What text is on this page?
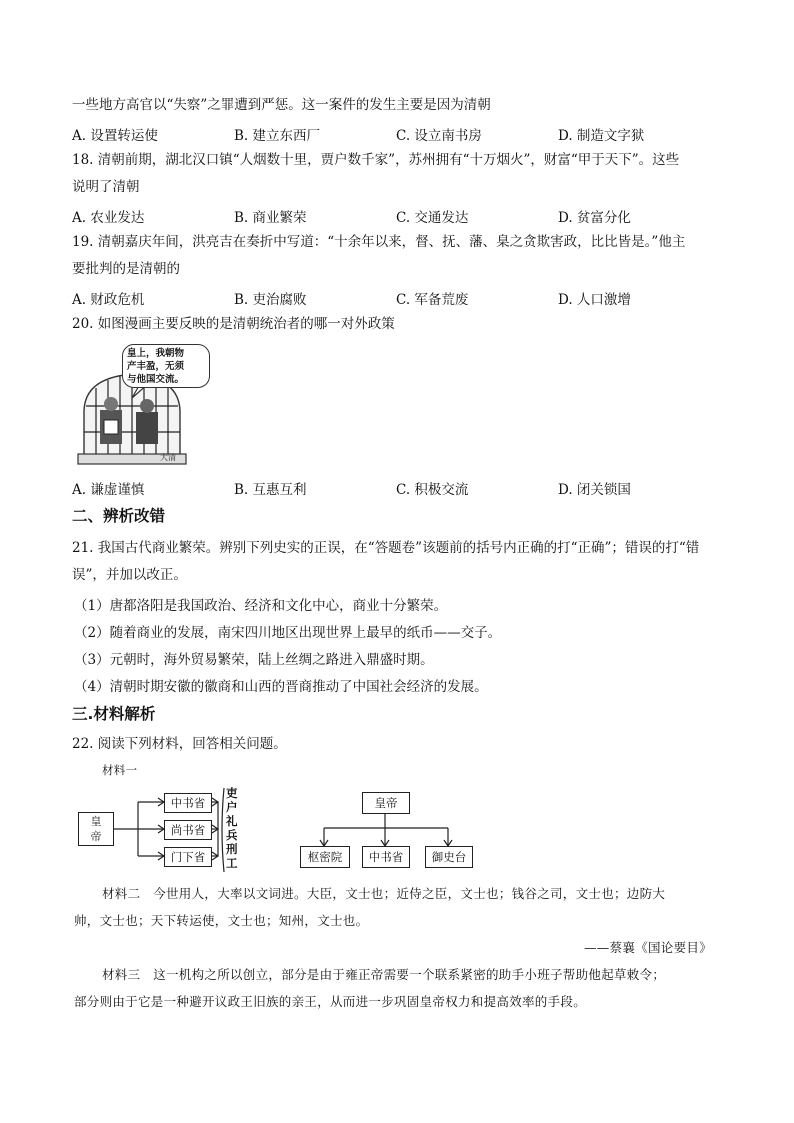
一些地方高官以“失察”之罪遭到严惩。这一案件的发生主要是因为清朝
A. 设置转运使	B. 建立东西厂	C. 设立南书房	D. 制造文字狱
18. 清朝前期，湖北汉口镇“人烟数十里，贾户数千家”，苏州拥有“十万烟火”，财富“甲于天下”。这些
说明了清朝
A. 农业发达	B. 商业繁荣	C. 交通发达	D. 贫富分化
19. 清朝嘉庆年间，洪亮吉在奏折中写道：“十余年以来，督、抚、藩、臬之贪欺害政，比比皆是。”他主
要批判的是清朝的
A. 财政危机	B. 吏治腐败	C. 军备荒废	D. 人口激增
20. 如图漫画主要反映的是清朝统治者的哪一对外政策
皇上，我朝物
产丰盈，无须
与他国交流。
大清
A. 谦虚谨慎	B. 互惠互利	C. 积极交流	D. 闭关锁国
二、辨析改错
21. 我国古代商业繁荣。辨别下列史实的正误，在“答题卷”该题前的括号内正确的打“正确”；错误的打“错
误”，并加以改正。
（1）唐都洛阳是我国政治、经济和文化中心，商业十分繁荣。
（2）随着商业的发展，南宋四川地区出现世界上最早的纸币——交子。
（3）元朝时，海外贸易繁荣，陆上丝绸之路进入鼎盛时期。
（4）清朝时期安徽的徽商和山西的晋商推动了中国社会经济的发展。
三.材料解析
22. 阅读下列材料，回答相关问题。
材料一
皇帝
中书省
尚书省
门下省
吏户礼兵刑工
皇帝
枢密院	中书省	御史台
材料二　今世用人，大率以文词进。大臣，文士也；近侍之臣，文士也；钱谷之司，文士也；边防大
帅，文士也；天下转运使，文士也；知州，文士也。
——蔡襄《国论要目》
材料三　这一机构之所以创立，部分是由于雍正帝需要一个联系紧密的助手小班子帮助他起草敕令；
部分则由于它是一种避开议政王旧族的亲王，从而进一步巩固皇帝权力和提高效率的手段。
